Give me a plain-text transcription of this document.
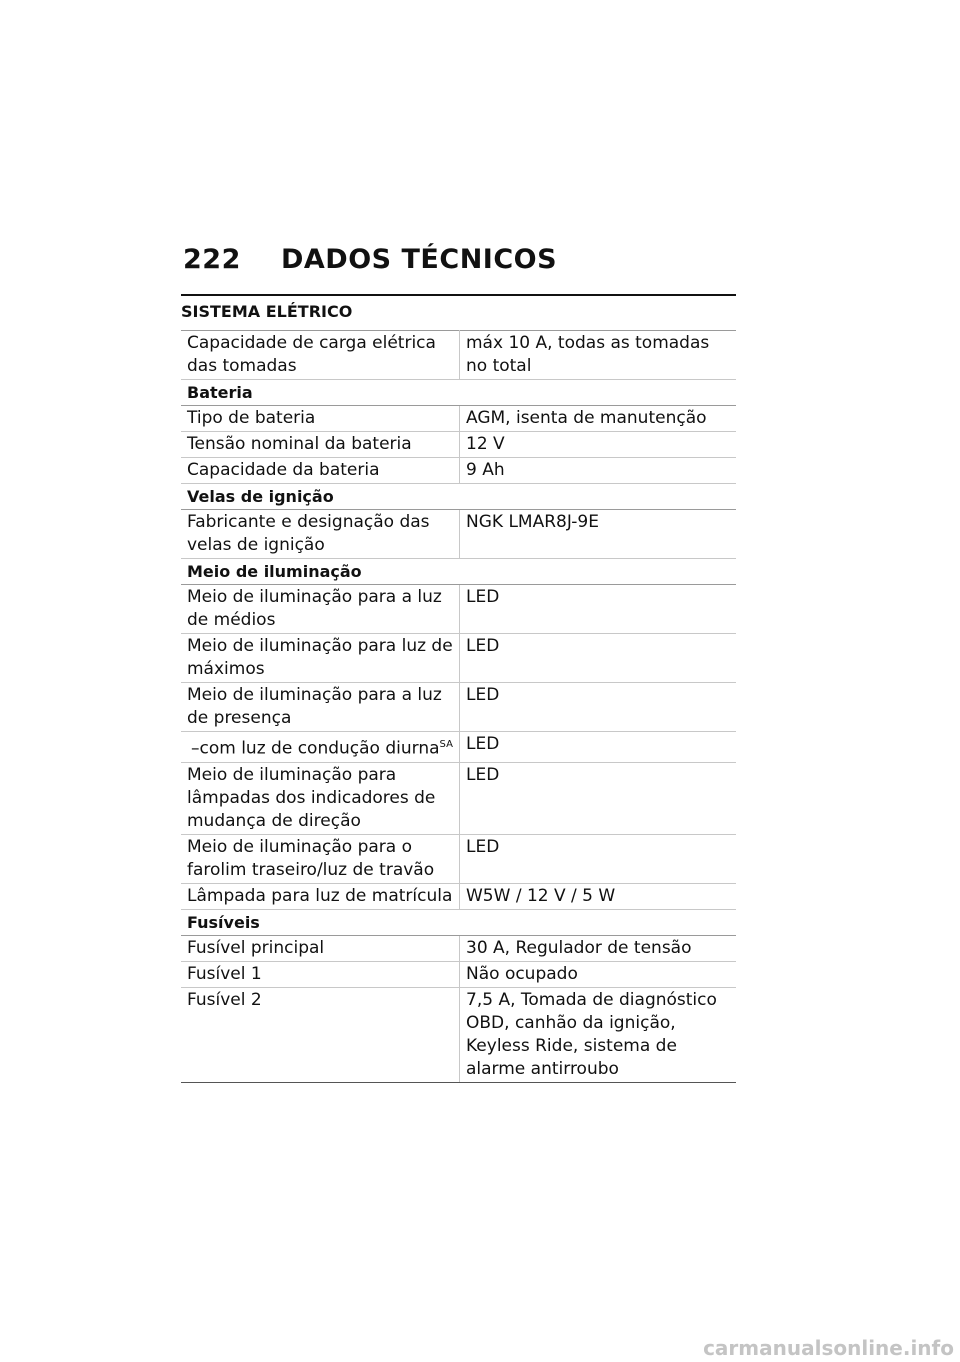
222	DADOS TÉCNICOS
SISTEMA ELÉTRICO
Capacidade de carga elétrica das tomadas	máx 10 A, todas as tomadas no total
Bateria	
Tipo de bateria	AGM, isenta de manutenção
Tensão nominal da bateria	12 V
Capacidade da bateria	9 Ah
Velas de ignição	
Fabricante e designação das velas de ignição	NGK LMAR8J-9E
Meio de iluminação	
Meio de iluminação para a luz de médios	LED
Meio de iluminação para luz de máximos	LED
Meio de iluminação para a luz de presença	LED

–com luz de condução diurna$^{SA}$	LED
Meio de iluminação para lâmpadas dos indicadores de mudança de direção	LED
Meio de iluminação para o farolim traseiro/luz de travão	LED
Lâmpada para luz de matrícula	W5W / 12 V / 5 W
Fusíveis	
Fusível principal	30 A, Regulador de tensão
Fusível 1	Não ocupado
Fusível 2	7,5 A, Tomada de diagnóstico OBD, canhão da ignição, Keyless Ride, sistema de alarme antirroubo
carmanualsonline.info
